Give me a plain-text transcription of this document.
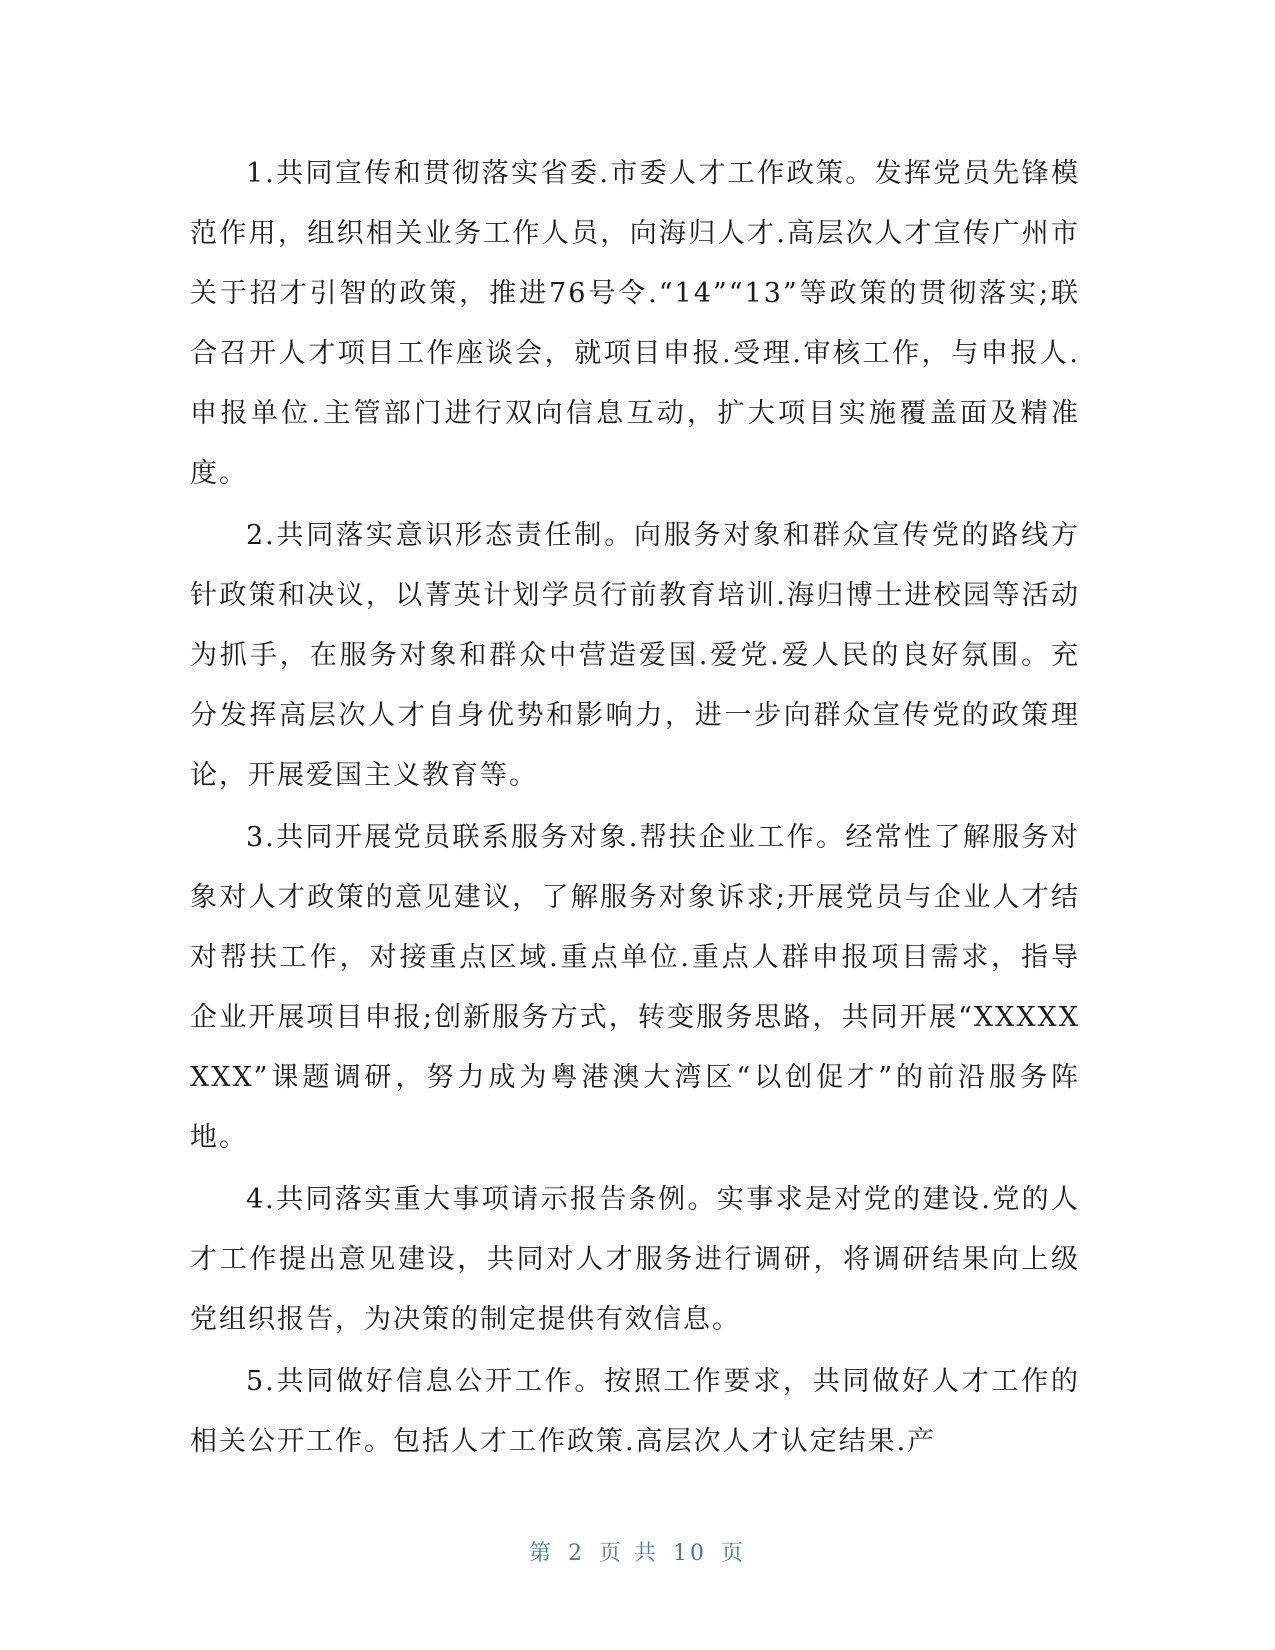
1.共同宣传和贯彻落实省委.市委人才工作政策。发挥党员先锋模范作用，组织相关业务工作人员，向海归人才.高层次人才宣传广州市关于招才引智的政策，推进76号令.“14”“13”等政策的贯彻落实;联合召开人才项目工作座谈会，就项目申报.受理.审核工作，与申报人.申报单位.主管部门进行双向信息互动，扩大项目实施覆盖面及精准度。

2.共同落实意识形态责任制。向服务对象和群众宣传党的路线方针政策和决议，以菁英计划学员行前教育培训.海归博士进校园等活动为抓手，在服务对象和群众中营造爱国.爱党.爱人民的良好氛围。充分发挥高层次人才自身优势和影响力，进一步向群众宣传党的政策理论，开展爱国主义教育等。

3.共同开展党员联系服务对象.帮扶企业工作。经常性了解服务对象对人才政策的意见建议，了解服务对象诉求;开展党员与企业人才结对帮扶工作，对接重点区域.重点单位.重点人群申报项目需求，指导企业开展项目申报;创新服务方式，转变服务思路，共同开展“XXXXXXXX”课题调研，努力成为粤港澳大湾区“以创促才”的前沿服务阵地。

4.共同落实重大事项请示报告条例。实事求是对党的建设.党的人才工作提出意见建设，共同对人才服务进行调研，将调研结果向上级党组织报告，为决策的制定提供有效信息。

5.共同做好信息公开工作。按照工作要求，共同做好人才工作的相关公开工作。包括人才工作政策.高层次人才认定结果.产

第 2 页 共 10 页
